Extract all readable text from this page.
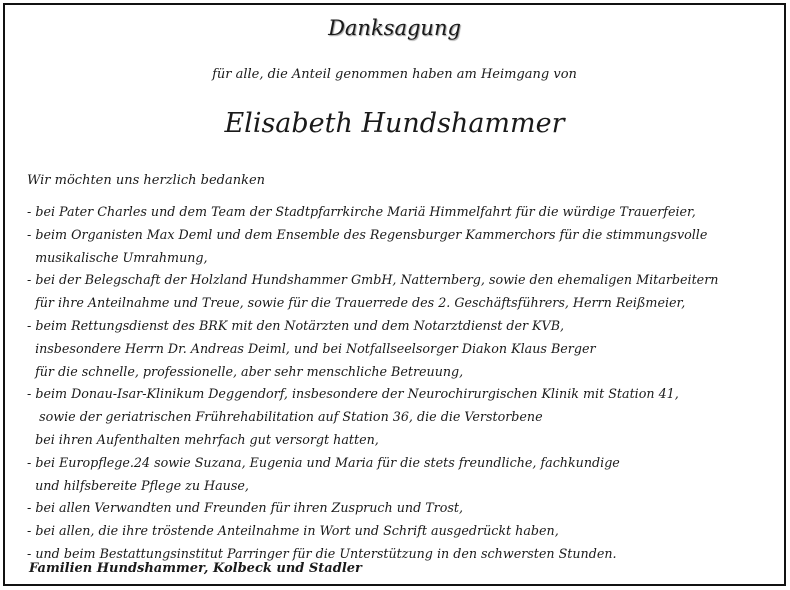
Danksagung
für alle, die Anteil genommen haben am Heimgang von
Elisabeth Hundshammer
Wir möchten uns herzlich bedanken
- bei Pater Charles und dem Team der Stadtpfarrkirche Mariä Himmelfahrt für die würdige Trauerfeier,
- beim Organisten Max Deml und dem Ensemble des Regensburger Kammerchors für die stimmungsvolle
musikalische Umrahmung,
- bei der Belegschaft der Holzland Hundshammer GmbH, Natternberg, sowie den ehemaligen Mitarbeitern
für ihre Anteilnahme und Treue, sowie für die Trauerrede des 2. Geschäftsführers, Herrn Reißmeier,
- beim Rettungsdienst des BRK mit den Notärzten und dem Notarztdienst der KVB,
insbesondere Herrn Dr. Andreas Deiml, und bei Notfallseelsorger Diakon Klaus Berger
für die schnelle, professionelle, aber sehr menschliche Betreuung,
- beim Donau-Isar-Klinikum Deggendorf, insbesondere der Neurochirurgischen Klinik mit Station 41,
sowie der geriatrischen Frührehabilitation auf Station 36, die die Verstorbene
bei ihren Aufenthalten mehrfach gut versorgt hatten,
- bei Europflege.24 sowie Suzana, Eugenia und Maria für die stets freundliche, fachkundige
und hilfsbereite Pflege zu Hause,
- bei allen Verwandten und Freunden für ihren Zuspruch und Trost,
- bei allen, die ihre tröstende Anteilnahme in Wort und Schrift ausgedrückt haben,
- und beim Bestattungsinstitut Parringer für die Unterstützung in den schwersten Stunden.
Familien Hundshammer, Kolbeck und Stadler
